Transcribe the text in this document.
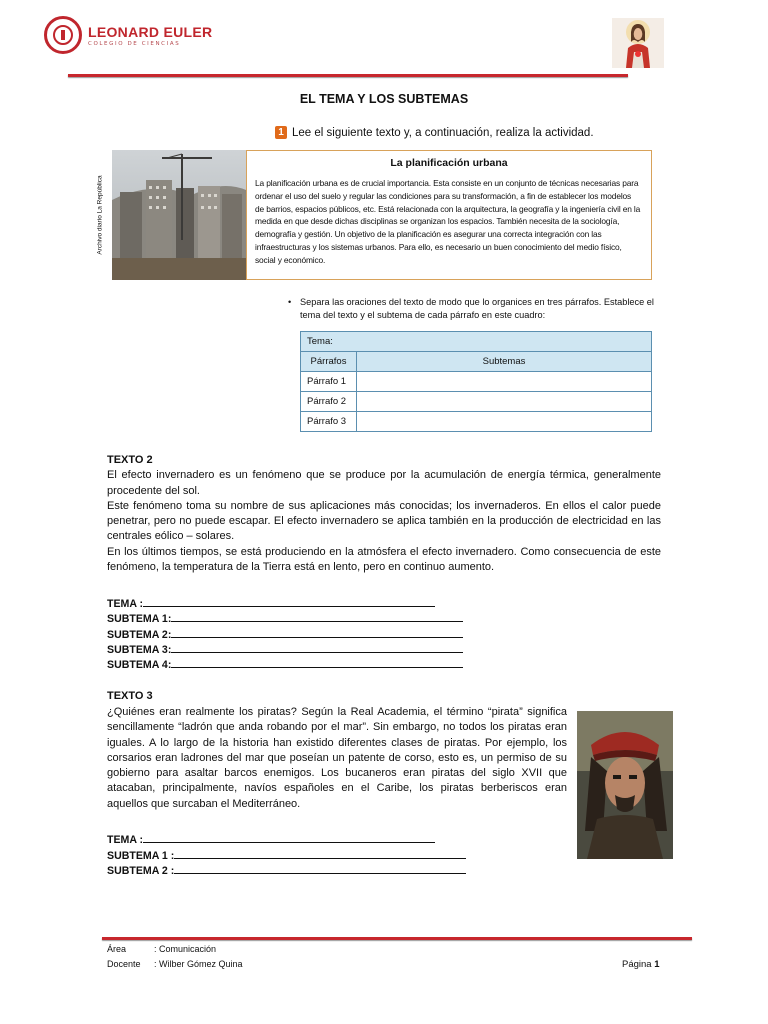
LEONARD EULER
COLEGIO DE CIENCIAS
EL TEMA Y LOS SUBTEMAS
1 Lee el siguiente texto y, a continuación, realiza la actividad.
Archivo diario La República
La planificación urbana
La planificación urbana es de crucial importancia. Esta consiste en un conjunto de técnicas necesarias para ordenar el uso del suelo y regular las condiciones para su transformación, a fin de establecer los modelos de barrios, espacios públicos, etc. Está relacionada con la arquitectura, la geografía y la ingeniería civil en la medida en que desde dichas disciplinas se organizan los espacios. También necesita de la sociología, demografía y gestión. Un objetivo de la planificación es asegurar una correcta integración con las infraestructuras y los sistemas urbanos. Para ello, es necesario un buen conocimiento del medio físico, social y económico.
• Separa las oraciones del texto de modo que lo organices en tres párrafos. Establece el tema del texto y el subtema de cada párrafo en este cuadro:
Tema:	
Párrafos	Subtemas
Párrafo 1	
Párrafo 2	
Párrafo 3	
TEXTO 2

El efecto invernadero es un fenómeno que se produce por la acumulación de energía térmica, generalmente procedente del sol.

Este fenómeno toma su nombre de sus aplicaciones más conocidas; los invernaderos. En ellos el calor puede penetrar, pero no puede escapar. El efecto invernadero se aplica también en la producción de electricidad en las centrales eólico – solares.

En los últimos tiempos, se está produciendo en la atmósfera el efecto invernadero. Como consecuencia de este fenómeno, la temperatura de la Tierra está en lento, pero en continuo aumento.

TEMA :
SUBTEMA 1:
SUBTEMA 2:
SUBTEMA 3:
SUBTEMA 4:
TEXTO 3

¿Quiénes eran realmente los piratas? Según la Real Academia, el término “pirata” significa sencillamente “ladrón que anda robando por el mar”. Sin embargo, no todos los piratas eran iguales. A lo largo de la historia han existido diferentes clases de piratas. Por ejemplo, los corsarios eran ladrones del mar que poseían un patente de corso, esto es, un permiso de su gobierno para asaltar barcos enemigos. Los bucaneros eran piratas del siglo XVII que atacaban, principalmente, navíos españoles en el Caribe, los piratas berberiscos eran aquellos que surcaban el Mediterráneo.

TEMA :
SUBTEMA 1 :
SUBTEMA 2 :
Área	: Comunicación
Docente : Wilber Gómez Quina	Página 1
